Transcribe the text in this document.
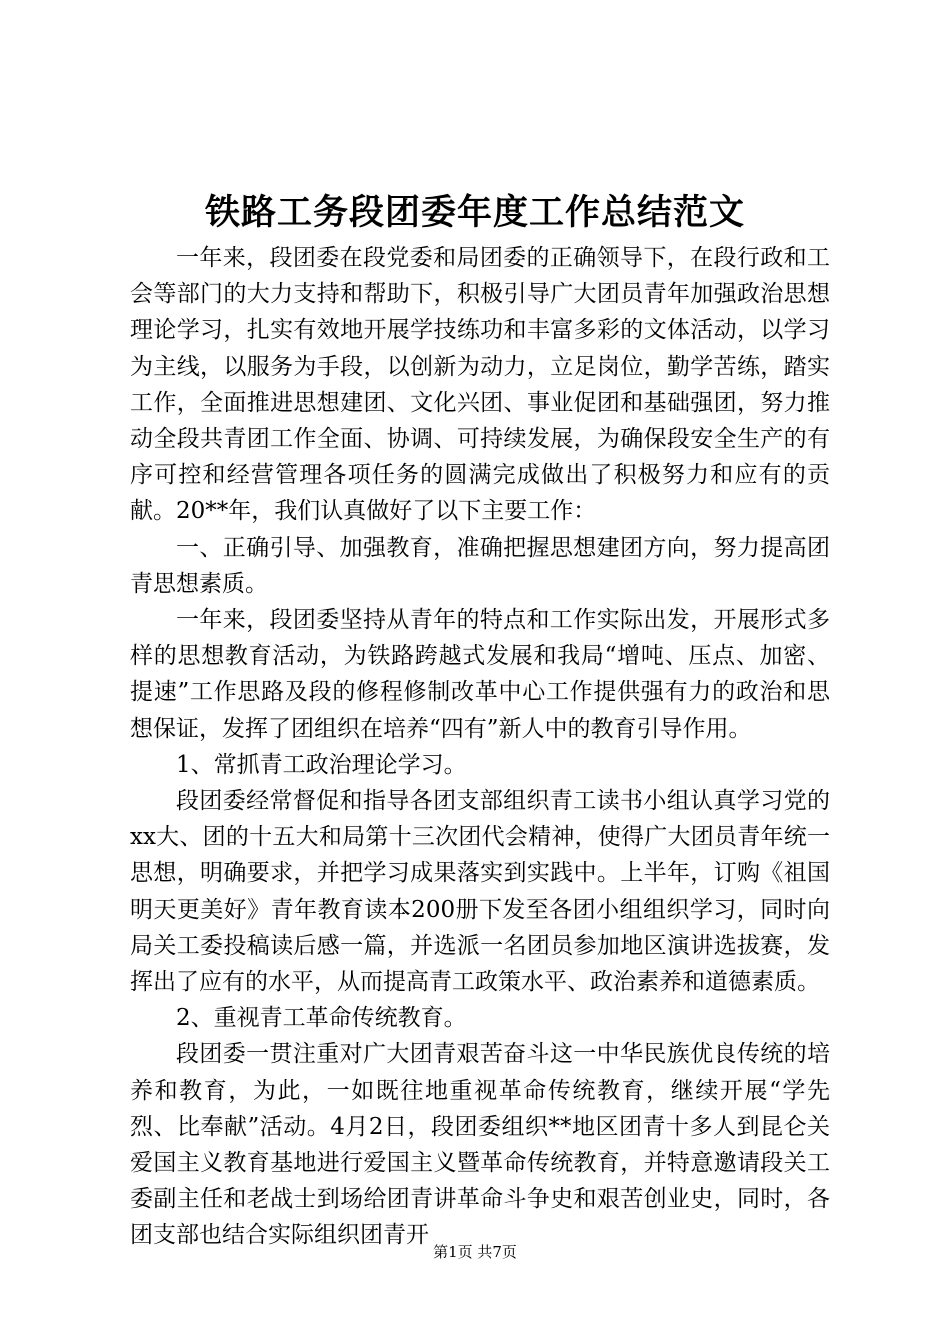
铁路工务段团委年度工作总结范文

一年来，段团委在段党委和局团委的正确领导下，在段行政和工会等部门的大力支持和帮助下，积极引导广大团员青年加强政治思想理论学习，扎实有效地开展学技练功和丰富多彩的文体活动，以学习为主线，以服务为手段，以创新为动力，立足岗位，勤学苦练，踏实工作，全面推进思想建团、文化兴团、事业促团和基础强团，努力推动全段共青团工作全面、协调、可持续发展，为确保段安全生产的有序可控和经营管理各项任务的圆满完成做出了积极努力和应有的贡献。20**年，我们认真做好了以下主要工作：

一、正确引导、加强教育，准确把握思想建团方向，努力提高团青思想素质。

一年来，段团委坚持从青年的特点和工作实际出发，开展形式多样的思想教育活动，为铁路跨越式发展和我局“增吨、压点、加密、提速”工作思路及段的修程修制改革中心工作提供强有力的政治和思想保证，发挥了团组织在培养“四有”新人中的教育引导作用。

1、常抓青工政治理论学习。

段团委经常督促和指导各团支部组织青工读书小组认真学习党的xx大、团的十五大和局第十三次团代会精神，使得广大团员青年统一思想，明确要求，并把学习成果落实到实践中。上半年，订购《祖国明天更美好》青年教育读本200册下发至各团小组组织学习，同时向局关工委投稿读后感一篇，并选派一名团员参加地区演讲选拔赛，发挥出了应有的水平，从而提高青工政策水平、政治素养和道德素质。

2、重视青工革命传统教育。

段团委一贯注重对广大团青艰苦奋斗这一中华民族优良传统的培养和教育，为此，一如既往地重视革命传统教育，继续开展“学先烈、比奉献”活动。4月2日，段团委组织**地区团青十多人到昆仑关爱国主义教育基地进行爱国主义暨革命传统教育，并特意邀请段关工委副主任和老战士到场给团青讲革命斗争史和艰苦创业史，同时，各团支部也结合实际组织团青开

第1页 共7页
